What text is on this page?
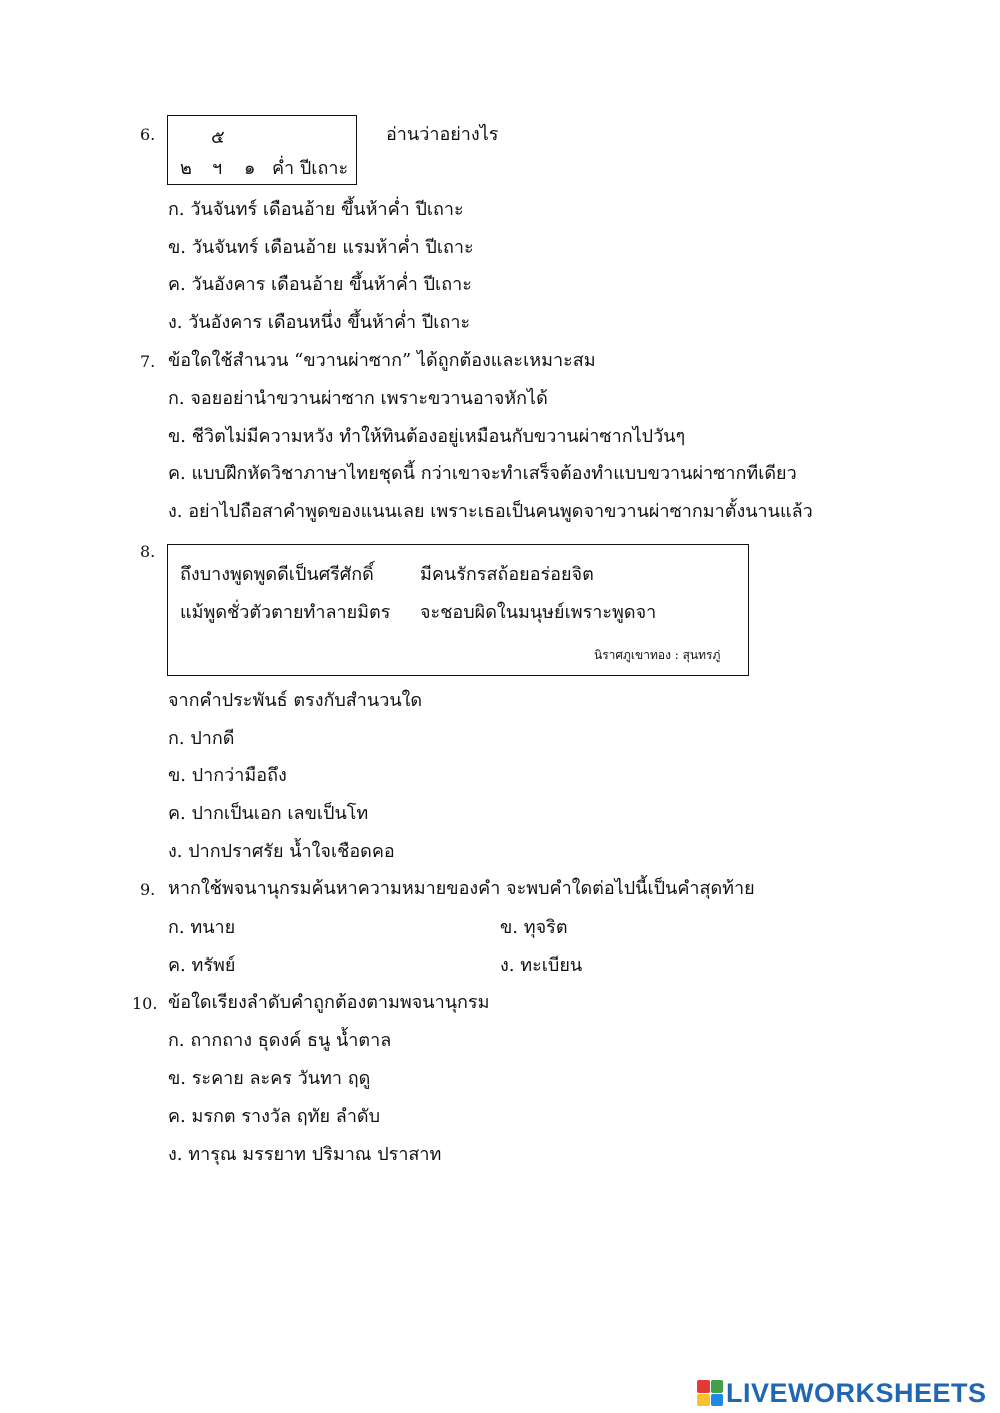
6.	๕
๒ ฯ ๑ ค่ำ ปีเถาะ
อ่านว่าอย่างไร
ก. วันจันทร์ เดือนอ้าย ขึ้นห้าค่ำ ปีเถาะ
ข. วันจันทร์ เดือนอ้าย แรมห้าค่ำ ปีเถาะ
ค. วันอังคาร เดือนอ้าย ขึ้นห้าค่ำ ปีเถาะ
ง. วันอังคาร เดือนหนึ่ง ขึ้นห้าค่ำ ปีเถาะ
7. ข้อใดใช้สำนวน “ขวานผ่าซาก” ได้ถูกต้องและเหมาะสม
ก. จอยอย่านำขวานผ่าซาก เพราะขวานอาจหักได้
ข. ชีวิตไม่มีความหวัง ทำให้ทินต้องอยู่เหมือนกับขวานผ่าซากไปวันๆ
ค. แบบฝึกหัดวิชาภาษาไทยชุดนี้ กว่าเขาจะทำเสร็จต้องทำแบบขวานผ่าซากทีเดียว
ง. อย่าไปถือสาคำพูดของแนนเลย เพราะเธอเป็นคนพูดจาขวานผ่าซากมาตั้งนานแล้ว
8.
ถึงบางพูดพูดดีเป็นศรีศักดิ์	มีคนรักรสถ้อยอร่อยจิต
แม้พูดชั่วตัวตายทำลายมิตร จะชอบผิดในมนุษย์เพราะพูดจา
นิราศภูเขาทอง : สุนทรภู่
จากคำประพันธ์ ตรงกับสำนวนใด
ก. ปากดี
ข. ปากว่ามือถึง
ค. ปากเป็นเอก เลขเป็นโท
ง. ปากปราศรัย น้ำใจเชือดคอ
9. หากใช้พจนานุกรมค้นหาความหมายของคำ จะพบคำใดต่อไปนี้เป็นคำสุดท้าย
ก. ทนาย	ข. ทุจริต
ค. ทรัพย์	ง. ทะเบียน
10. ข้อใดเรียงลำดับคำถูกต้องตามพจนานุกรม
ก. ถากถาง ธุดงค์ ธนู น้ำตาล
ข. ระคาย ละคร วันทา ฤดู
ค. มรกต รางวัล ฤทัย ลำดับ
ง. ทารุณ มรรยาท ปริมาณ ปราสาท
LIVEWORKSHEETS
